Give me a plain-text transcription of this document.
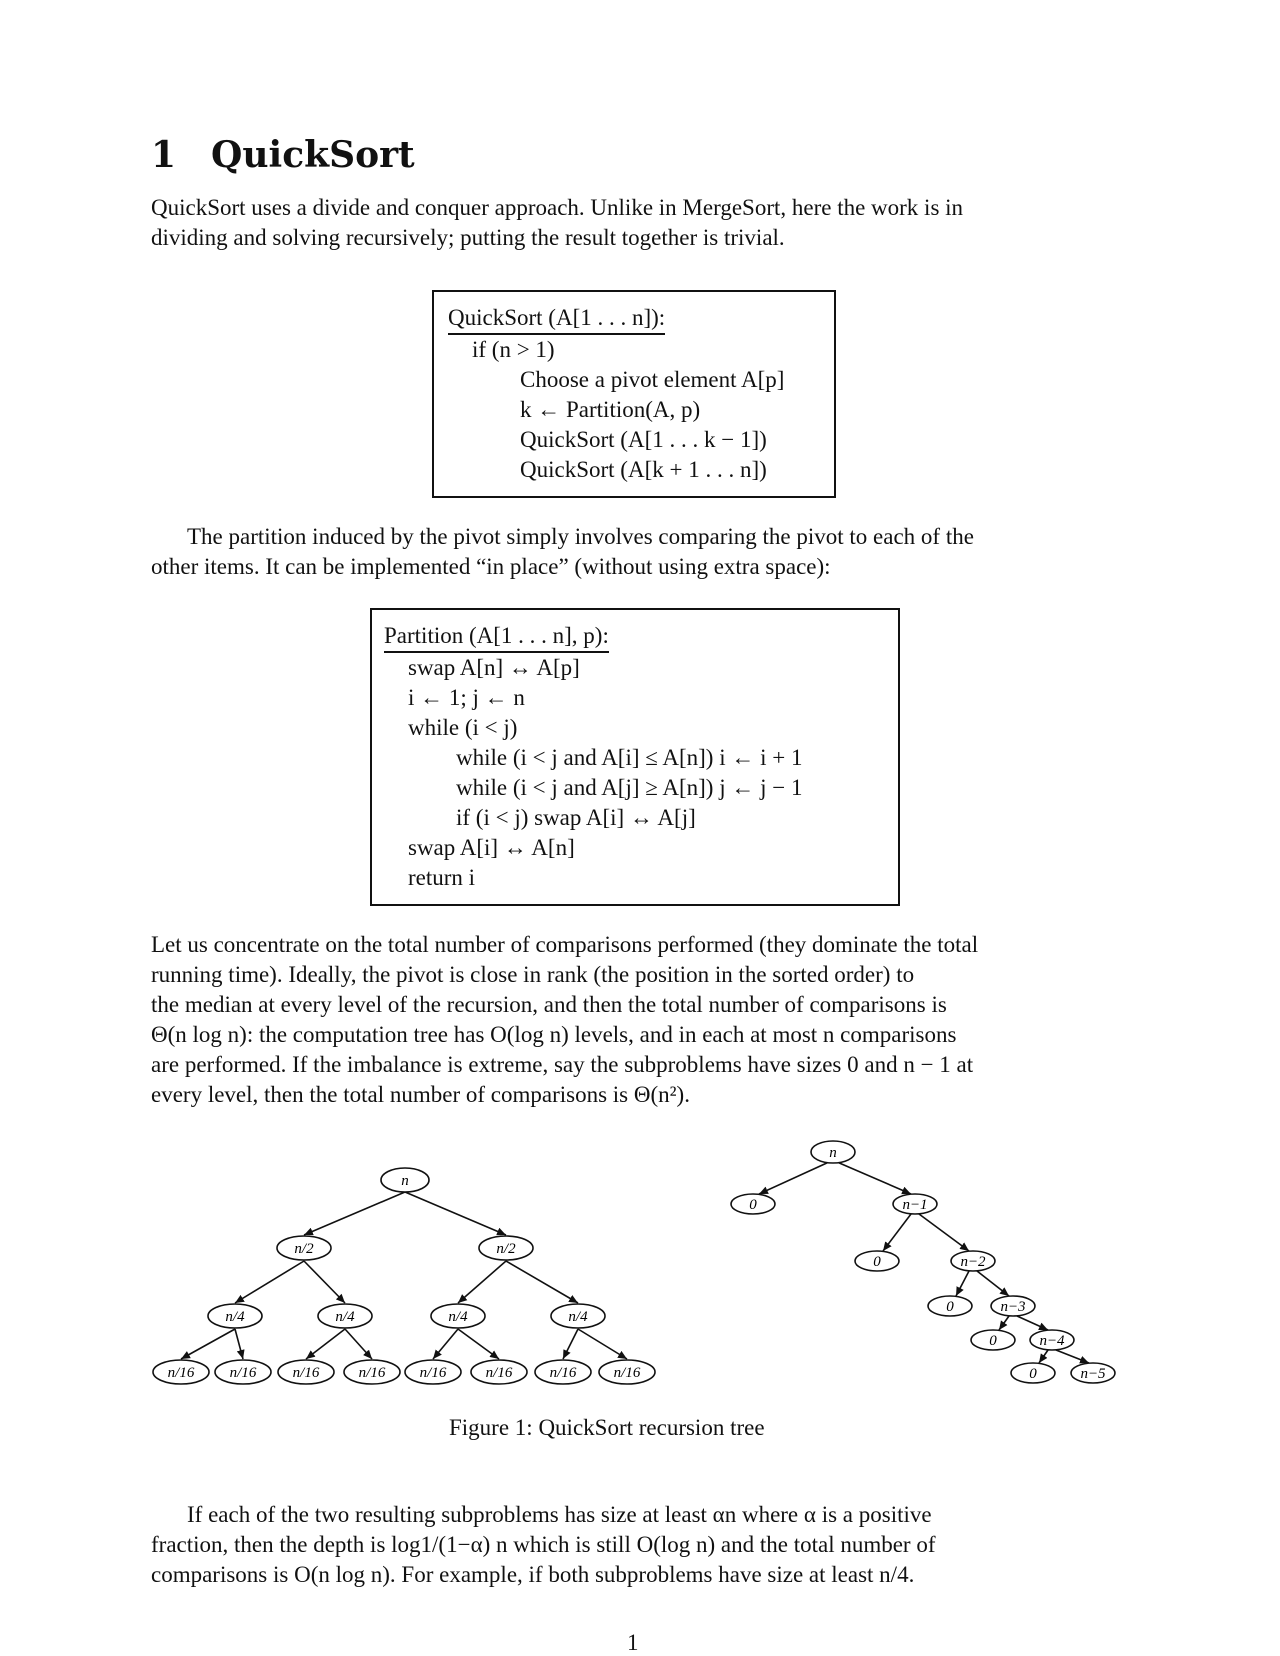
1 QuickSort
QuickSort uses a divide and conquer approach. Unlike in MergeSort, here the work is in
dividing and solving recursively; putting the result together is trivial.
QuickSort (A[1 . . . n]):
if (n > 1)
Choose a pivot element A[p]
k ← Partition(A, p)
QuickSort (A[1 . . . k − 1])
QuickSort (A[k + 1 . . . n])
The partition induced by the pivot simply involves comparing the pivot to each of the
other items. It can be implemented “in place” (without using extra space):
Partition (A[1 . . . n], p):
swap A[n] ↔ A[p]
i ← 1; j ← n
while (i < j)
while (i < j and A[i] ≤ A[n]) i ← i + 1
while (i < j and A[j] ≥ A[n]) j ← j − 1
if (i < j) swap A[i] ↔ A[j]
swap A[i] ↔ A[n]
return i
Let us concentrate on the total number of comparisons performed (they dominate the total
running time). Ideally, the pivot is close in rank (the position in the sorted order) to
the median at every level of the recursion, and then the total number of comparisons is
Θ(n log n): the computation tree has O(log n) levels, and in each at most n comparisons
are performed. If the imbalance is extreme, say the subproblems have sizes 0 and n − 1 at
every level, then the total number of comparisons is Θ(n²).
n
n/2	n/2
n/4	n/4	n/4	n/4
n/16 n/16 n/16	n/16 n/16	n/16 n/16 n/16
n
n−1
n−2
n−3
n−4
n−5
0
0
0
0
0
Figure 1: QuickSort recursion tree
If each of the two resulting subproblems has size at least αn where α is a positive
fraction, then the depth is log1/(1−α) n which is still O(log n) and the total number of
comparisons is O(n log n). For example, if both subproblems have size at least n/4.
1
